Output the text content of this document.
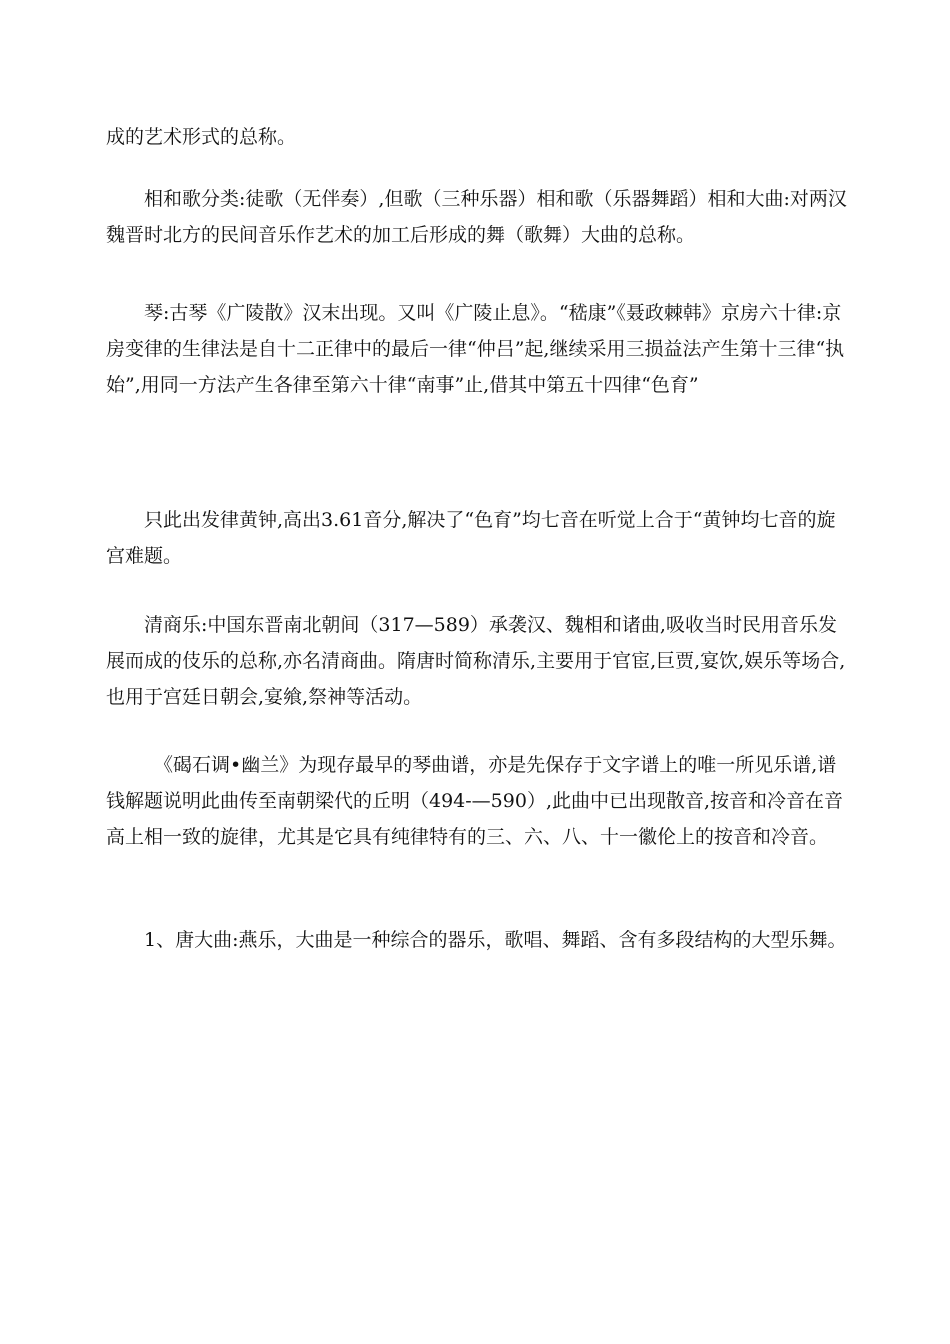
成的艺术形式的总称。

相和歌分类:徒歌（无伴奏）,但歌（三种乐器）相和歌（乐器舞蹈）相和大曲:对两汉魏晋时北方的民间音乐作艺术的加工后形成的舞（歌舞）大曲的总称。

琴:古琴《广陵散》汉末出现。又叫《广陵止息》。“嵇康”《聂政棘韩》京房六十律:京房变律的生律法是自十二正律中的最后一律“仲吕”起,继续采用三损益法产生第十三律“执始”,用同一方法产生各律至第六十律“南事”止,借其中第五十四律“色育”

只此出发律黄钟,高出3.61音分,解决了“色育”均七音在听觉上合于“黄钟均七音的旋宫难题。

清商乐:中国东晋南北朝间（317—589）承袭汉、魏相和诸曲,吸收当时民用音乐发展而成的伎乐的总称,亦名清商曲。隋唐时简称清乐,主要用于官宦,巨贾,宴饮,娱乐等场合,也用于宫廷日朝会,宴飨,祭神等活动。

《碣石调•幽兰》为现存最早的琴曲谱，亦是先保存于文字谱上的唯一所见乐谱,谱钱解题说明此曲传至南朝梁代的丘明（494-—590）,此曲中已出现散音,按音和冷音在音高上相一致的旋律，尤其是它具有纯律特有的三、六、八、十一徽伦上的按音和冷音。

1、唐大曲:燕乐，大曲是一种综合的器乐，歌唱、舞蹈、含有多段结构的大型乐舞。
